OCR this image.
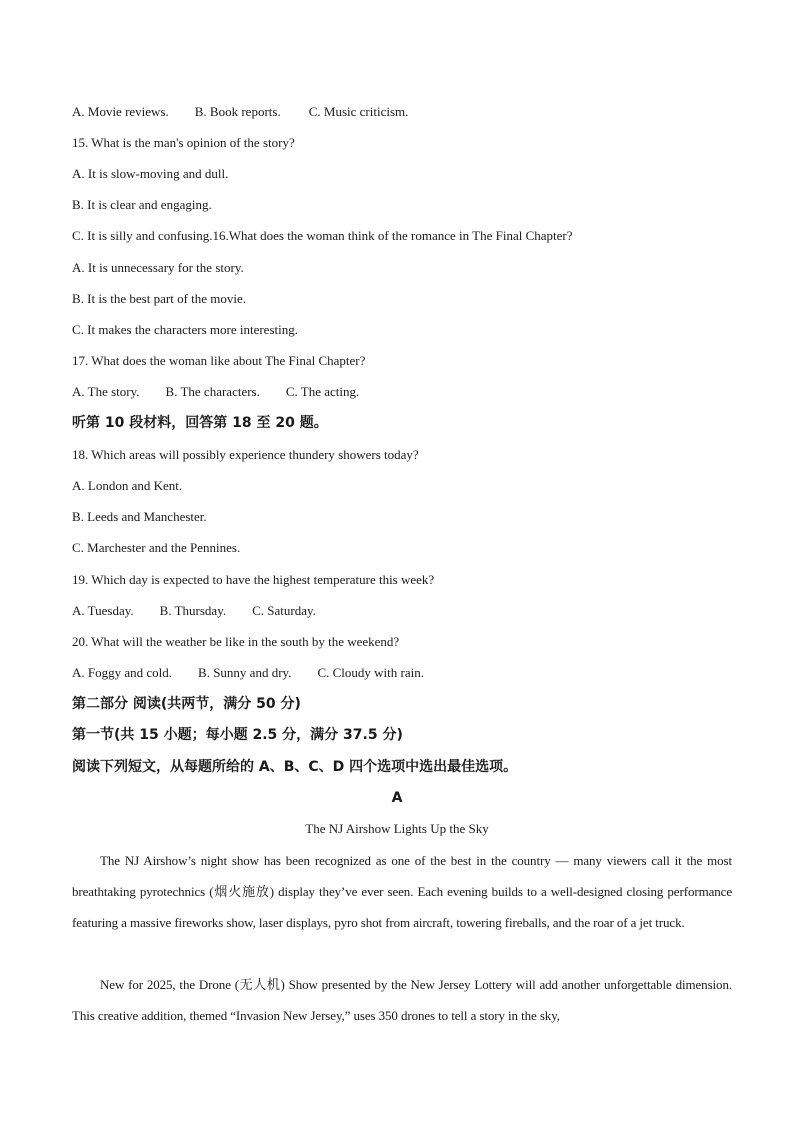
A. Movie reviews. B. Book reports. C. Music criticism.
15. What is the man's opinion of the story?
A. It is slow-moving and dull.
B. It is clear and engaging.
C. It is silly and confusing.16.What does the woman think of the romance in The Final Chapter?
A. It is unnecessary for the story.
B. It is the best part of the movie.
C. It makes the characters more interesting.
17. What does the woman like about The Final Chapter?
A. The story. B. The characters. C. The acting.
听第 10 段材料，回答第 18 至 20 题。
18. Which areas will possibly experience thundery showers today?
A. London and Kent.
B. Leeds and Manchester.
C. Marchester and the Pennines.
19. Which day is expected to have the highest temperature this week?
A. Tuesday. B. Thursday. C. Saturday.
20. What will the weather be like in the south by the weekend?
A. Foggy and cold. B. Sunny and dry. C. Cloudy with rain.
第二部分 阅读(共两节，满分 50 分)
第一节(共 15 小题；每小题 2.5 分，满分 37.5 分)
阅读下列短文，从每题所给的 A、B、C、D 四个选项中选出最佳选项。
A
The NJ Airshow Lights Up the Sky
The NJ Airshow’s night show has been recognized as one of the best in the country — many viewers call it the most breathtaking pyrotechnics (烟火施放) display they’ve ever seen. Each evening builds to a well-designed closing performance featuring a massive fireworks show, laser displays, pyro shot from aircraft, towering fireballs, and the roar of a jet truck.
New for 2025, the Drone (无人机) Show presented by the New Jersey Lottery will add another unforgettable dimension. This creative addition, themed “Invasion New Jersey,” uses 350 drones to tell a story in the sky,
